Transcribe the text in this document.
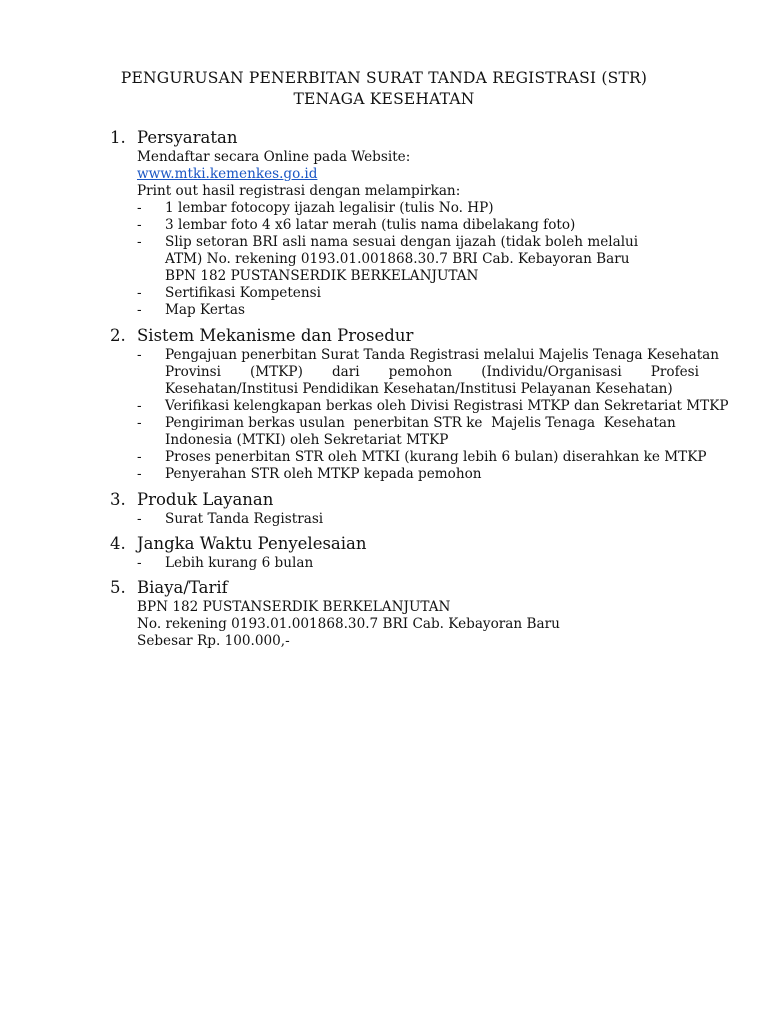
PENGURUSAN PENERBITAN SURAT TANDA REGISTRASI (STR)
TENAGA KESEHATAN
1. Persyaratan
Mendaftar secara Online pada Website:
www.mtki.kemenkes.go.id
Print out hasil registrasi dengan melampirkan:
- 1 lembar fotocopy ijazah legalisir (tulis No. HP)
- 3 lembar foto 4 x6 latar merah (tulis nama dibelakang foto)
- Slip setoran BRI asli nama sesuai dengan ijazah (tidak boleh melalui
ATM) No. rekening 0193.01.001868.30.7 BRI Cab. Kebayoran Baru
BPN 182 PUSTANSERDIK BERKELANJUTAN
- Sertifikasi Kompetensi
- Map Kertas
2. Sistem Mekanisme dan Prosedur
- Pengajuan penerbitan Surat Tanda Registrasi melalui Majelis Tenaga Kesehatan
Provinsi (MTKP) dari pemohon (Individu/Organisasi Profesi
Kesehatan/Institusi Pendidikan Kesehatan/Institusi Pelayanan Kesehatan)
- Verifikasi kelengkapan berkas oleh Divisi Registrasi MTKP dan Sekretariat MTKP
- Pengiriman berkas usulan  penerbitan STR ke  Majelis Tenaga  Kesehatan
Indonesia (MTKI) oleh Sekretariat MTKP
- Proses penerbitan STR oleh MTKI (kurang lebih 6 bulan) diserahkan ke MTKP
- Penyerahan STR oleh MTKP kepada pemohon
3. Produk Layanan
- Surat Tanda Registrasi
4. Jangka Waktu Penyelesaian
- Lebih kurang 6 bulan
5. Biaya/Tarif
BPN 182 PUSTANSERDIK BERKELANJUTAN
No. rekening 0193.01.001868.30.7 BRI Cab. Kebayoran Baru
Sebesar Rp. 100.000,-
